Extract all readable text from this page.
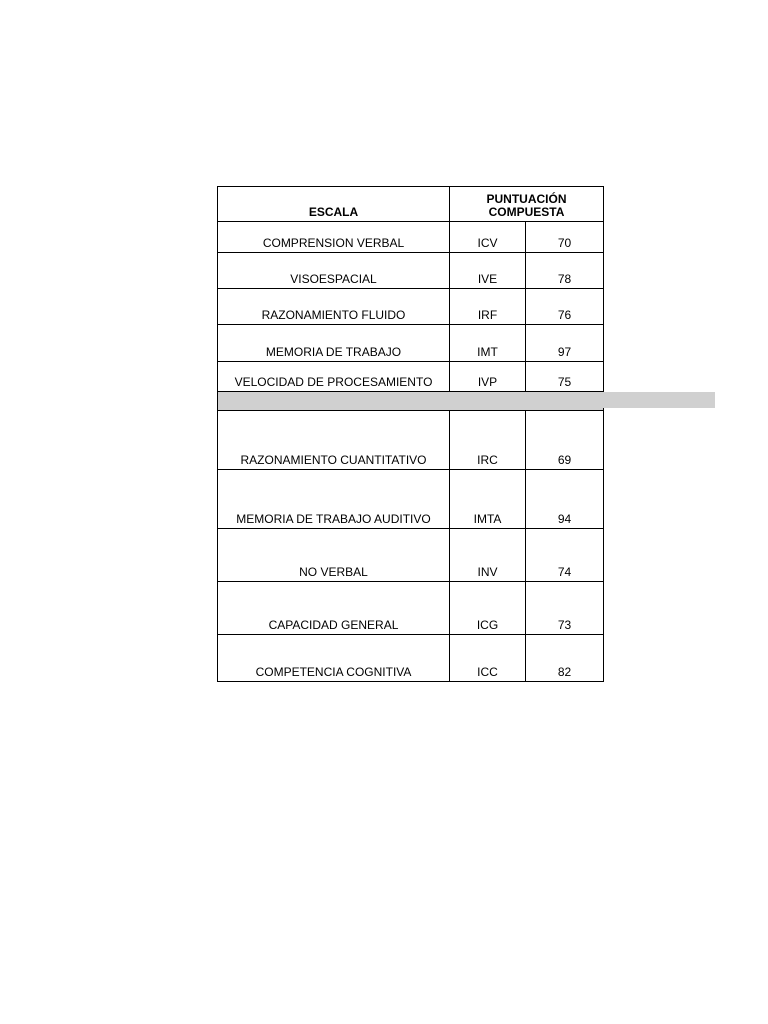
ESCALA	PUNTUACIÓN
COMPUESTA	
COMPRENSION VERBAL	ICV	70
VISOESPACIAL	IVE	78
RAZONAMIENTO FLUIDO	IRF	76
MEMORIA DE TRABAJO	IMT	97
VELOCIDAD DE PROCESAMIENTO	IVP	75

RAZONAMIENTO CUANTITATIVO	IRC	69
MEMORIA DE TRABAJO AUDITIVO	IMTA	94
NO VERBAL	INV	74
CAPACIDAD GENERAL	ICG	73
COMPETENCIA COGNITIVA	ICC	82
